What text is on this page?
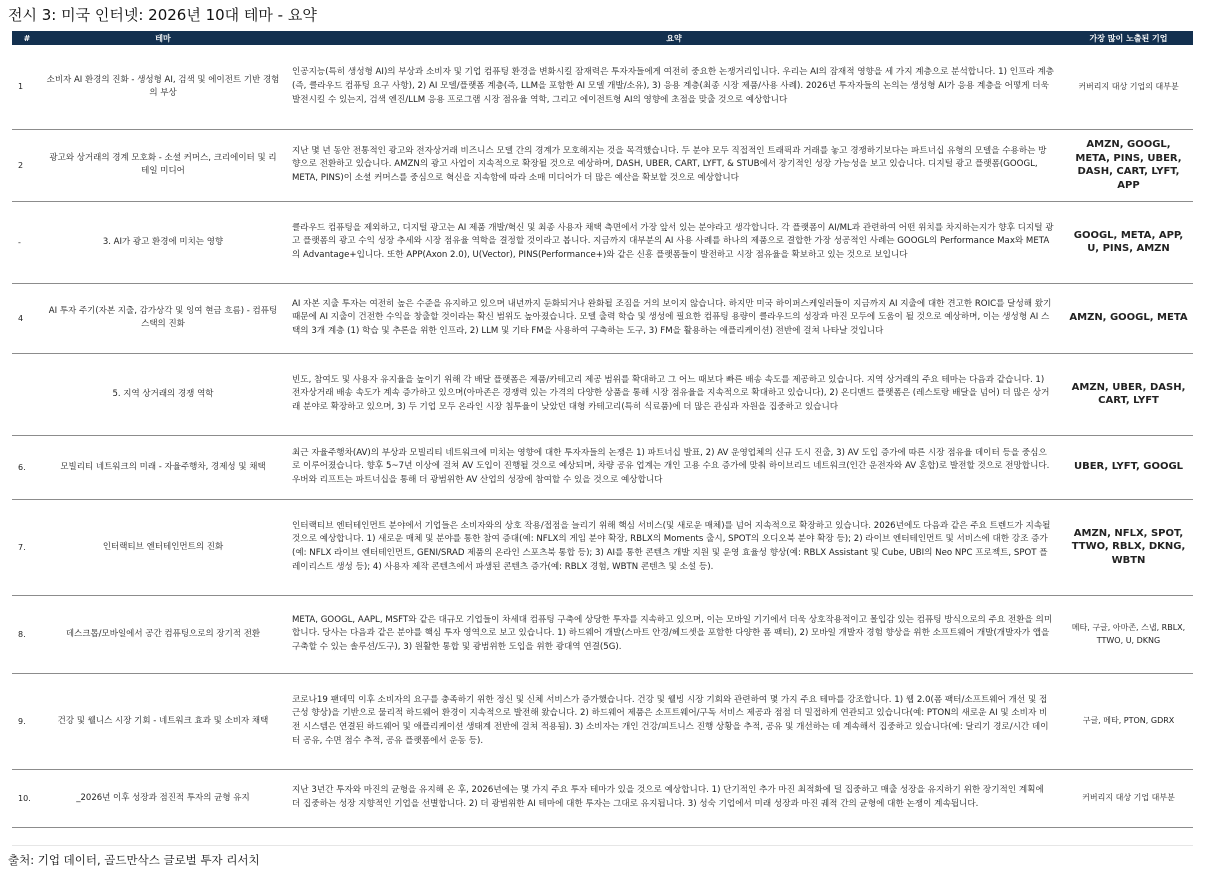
전시 3: 미국 인터넷: 2026년 10대 테마 - 요약
#	테마	요약	가장 많이 노출된 기업
1	소비자 AI 환경의 진화 - 생성형 AI, 검색 및 에이전트 기반 경험의 부상	인공지능(특히 생성형 AI)의 부상과 소비자 및 기업 컴퓨팅 환경을 변화시킬 잠재력은 투자자들에게 여전히 중요한 논쟁거리입니다. 우리는 AI의 잠재적 영향을 세 가지 계층으로 분석합니다. 1) 인프라 계층(즉, 클라우드 컴퓨팅 요구 사항), 2) AI 모델/플랫폼 계층(즉, LLM을 포함한 AI 모델 개발/소유), 3) 응용 계층(최종 시장 제품/사용 사례). 2026년 투자자들의 논의는 생성형 AI가 응용 계층을 어떻게 더욱 발전시킬 수 있는지, 검색 엔진/LLM 응용 프로그램 시장 점유율 역학, 그리고 에이전트형 AI의 영향에 초점을 맞출 것으로 예상합니다	커버리지 대상 기업의 대부분
2	광고와 상거래의 경계 모호화 - 소셜 커머스, 크리에이터 및 리테일 미디어	지난 몇 년 동안 전통적인 광고와 전자상거래 비즈니스 모델 간의 경계가 모호해지는 것을 목격했습니다. 두 분야 모두 직접적인 트래픽과 거래를 놓고 경쟁하기보다는 파트너십 유형의 모델을 수용하는 방향으로 전환하고 있습니다. AMZN의 광고 사업이 지속적으로 확장될 것으로 예상하며, DASH, UBER, CART, LYFT, & STUB에서 장기적인 성장 가능성을 보고 있습니다. 디지털 광고 플랫폼(GOOGL, META, PINS)이 소셜 커머스를 중심으로 혁신을 지속함에 따라 소매 미디어가 더 많은 예산을 확보할 것으로 예상합니다	AMZN, GOOGL, META, PINS, UBER, DASH, CART, LYFT, APP
-	3. AI가 광고 환경에 미치는 영향	클라우드 컴퓨팅을 제외하고, 디지털 광고는 AI 제품 개발/혁신 및 최종 사용자 채택 측면에서 가장 앞서 있는 분야라고 생각합니다. 각 플랫폼이 AI/ML과 관련하여 어떤 위치를 차지하는지가 향후 디지털 광고 플랫폼의 광고 수익 성장 추세와 시장 점유율 역학을 결정할 것이라고 봅니다. 지금까지 대부분의 AI 사용 사례를 하나의 제품으로 결합한 가장 성공적인 사례는 GOOGL의 Performance Max와 META의 Advantage+입니다. 또한 APP(Axon 2.0), U(Vector), PINS(Performance+)와 같은 신흥 플랫폼들이 발전하고 시장 점유율을 확보하고 있는 것으로 보입니다	GOOGL, META, APP, U, PINS, AMZN
4	AI 투자 주기(자본 지출, 감가상각 및 잉여 현금 흐름) - 컴퓨팅 스택의 진화	AI 자본 지출 투자는 여전히 높은 수준을 유지하고 있으며 내년까지 둔화되거나 완화될 조짐을 거의 보이지 않습니다. 하지만 미국 하이퍼스케일러들이 지금까지 AI 지출에 대한 견고한 ROIC를 달성해 왔기 때문에 AI 지출이 건전한 수익을 창출할 것이라는 확신 범위도 높아졌습니다. 모델 출력 학습 및 생성에 필요한 컴퓨팅 용량이 클라우드의 성장과 마진 모두에 도움이 될 것으로 예상하며, 이는 생성형 AI 스택의 3개 계층 (1) 학습 및 추론을 위한 인프라, 2) LLM 및 기타 FM을 사용하여 구축하는 도구, 3) FM을 활용하는 애플리케이션) 전반에 걸쳐 나타날 것입니다	AMZN, GOOGL, META
	5. 지역 상거래의 경쟁 역학	빈도, 참여도 및 사용자 유지율을 높이기 위해 각 배달 플랫폼은 제품/카테고리 제공 범위를 확대하고 그 어느 때보다 빠른 배송 속도를 제공하고 있습니다. 지역 상거래의 주요 테마는 다음과 같습니다. 1) 전자상거래 배송 속도가 계속 증가하고 있으며(아마존은 경쟁력 있는 가격의 다양한 상품을 통해 시장 점유율을 지속적으로 확대하고 있습니다), 2) 온디맨드 플랫폼은 (레스토랑 배달을 넘어) 더 많은 상거래 분야로 확장하고 있으며, 3) 두 기업 모두 온라인 시장 침투율이 낮았던 대형 카테고리(특히 식료품)에 더 많은 관심과 자원을 집중하고 있습니다	AMZN, UBER, DASH, CART, LYFT
6.	모빌리티 네트워크의 미래 - 자율주행차, 경제성 및 채택	최근 자율주행차(AV)의 부상과 모빌리티 네트워크에 미치는 영향에 대한 투자자들의 논쟁은 1) 파트너십 발표, 2) AV 운영업체의 신규 도시 진출, 3) AV 도입 증가에 따른 시장 점유율 데이터 등을 중심으로 이루어졌습니다. 향후 5~7년 이상에 걸쳐 AV 도입이 진행될 것으로 예상되며, 차량 공유 업계는 개인 고용 수요 증가에 맞춰 하이브리드 네트워크(인간 운전자와 AV 혼합)로 발전할 것으로 전망합니다. 우버와 리프트는 파트너십을 통해 더 광범위한 AV 산업의 성장에 참여할 수 있을 것으로 예상합니다	UBER, LYFT, GOOGL
7.	인터랙티브 엔터테인먼트의 진화	인터랙티브 엔터테인먼트 분야에서 기업들은 소비자와의 상호 작용/접점을 늘리기 위해 핵심 서비스(및 새로운 매체)를 넘어 지속적으로 확장하고 있습니다. 2026년에도 다음과 같은 주요 트렌드가 지속될 것으로 예상합니다. 1) 새로운 매체 및 분야를 통한 참여 증대(예: NFLX의 게임 분야 확장, RBLX의 Moments 출시, SPOT의 오디오북 분야 확장 등); 2) 라이브 엔터테인먼트 및 서비스에 대한 강조 증가(예: NFLX 라이브 엔터테인먼트, GENI/SRAD 제품의 온라인 스포츠북 통합 등); 3) AI를 통한 콘텐츠 개발 지원 및 운영 효율성 향상(예: RBLX Assistant 및 Cube, UBI의 Neo NPC 프로젝트, SPOT 플레이리스트 생성 등); 4) 사용자 제작 콘텐츠에서 파생된 콘텐츠 증가(예: RBLX 경험, WBTN 콘텐츠 및 소설 등).	AMZN, NFLX, SPOT, TTWO, RBLX, DKNG, WBTN
8.	데스크톱/모바일에서 공간 컴퓨팅으로의 장기적 전환	META, GOOGL, AAPL, MSFT와 같은 대규모 기업들이 차세대 컴퓨팅 구축에 상당한 투자를 지속하고 있으며, 이는 모바일 기기에서 더욱 상호작용적이고 몰입감 있는 컴퓨팅 방식으로의 주요 전환을 의미합니다. 당사는 다음과 같은 분야를 핵심 투자 영역으로 보고 있습니다. 1) 하드웨어 개발(스마트 안경/헤드셋을 포함한 다양한 폼 팩터), 2) 모바일 개발자 경험 향상을 위한 소프트웨어 개발(개발자가 앱을 구축할 수 있는 솔루션/도구), 3) 원활한 통합 및 광범위한 도입을 위한 광대역 연결(5G).	메타, 구글, 아마존, 스냅, RBLX, TTWO, U, DKNG
9.	건강 및 웰니스 시장 기회 - 네트워크 효과 및 소비자 채택	코로나19 팬데믹 이후 소비자의 요구를 충족하기 위한 정신 및 신체 서비스가 증가했습니다. 건강 및 웰빙 시장 기회와 관련하여 몇 가지 주요 테마를 강조합니다. 1) 웹 2.0(폼 팩터/소프트웨어 개선 및 접근성 향상)을 기반으로 물리적 하드웨어 환경이 지속적으로 발전해 왔습니다. 2) 하드웨어 제품은 소프트웨어/구독 서비스 제공과 점점 더 밀접하게 연관되고 있습니다(예: PTON의 새로운 AI 및 소비자 비전 시스템은 연결된 하드웨어 및 애플리케이션 생태계 전반에 걸쳐 적용됨). 3) 소비자는 개인 건강/피트니스 진행 상황을 추적, 공유 및 개선하는 데 계속해서 집중하고 있습니다(예: 달리기 경로/시간 데이터 공유, 수면 점수 추적, 공유 플랫폼에서 운동 등).	구글, 메타, PTON, GDRX
10.	_2026년 이후 성장과 점진적 투자의 균형 유지	지난 3년간 투자와 마진의 균형을 유지해 온 후, 2026년에는 몇 가지 주요 투자 테마가 있을 것으로 예상합니다. 1) 단기적인 추가 마진 최적화에 덜 집중하고 매출 성장을 유지하기 위한 장기적인 계획에 더 집중하는 성장 지향적인 기업을 선별합니다. 2) 더 광범위한 AI 테마에 대한 투자는 그대로 유지됩니다. 3) 성숙 기업에서 미래 성장과 마진 궤적 간의 균형에 대한 논쟁이 계속됩니다.	커버리지 대상 기업 대부분
출처: 기업 데이터, 골드만삭스 글로벌 투자 리서치
